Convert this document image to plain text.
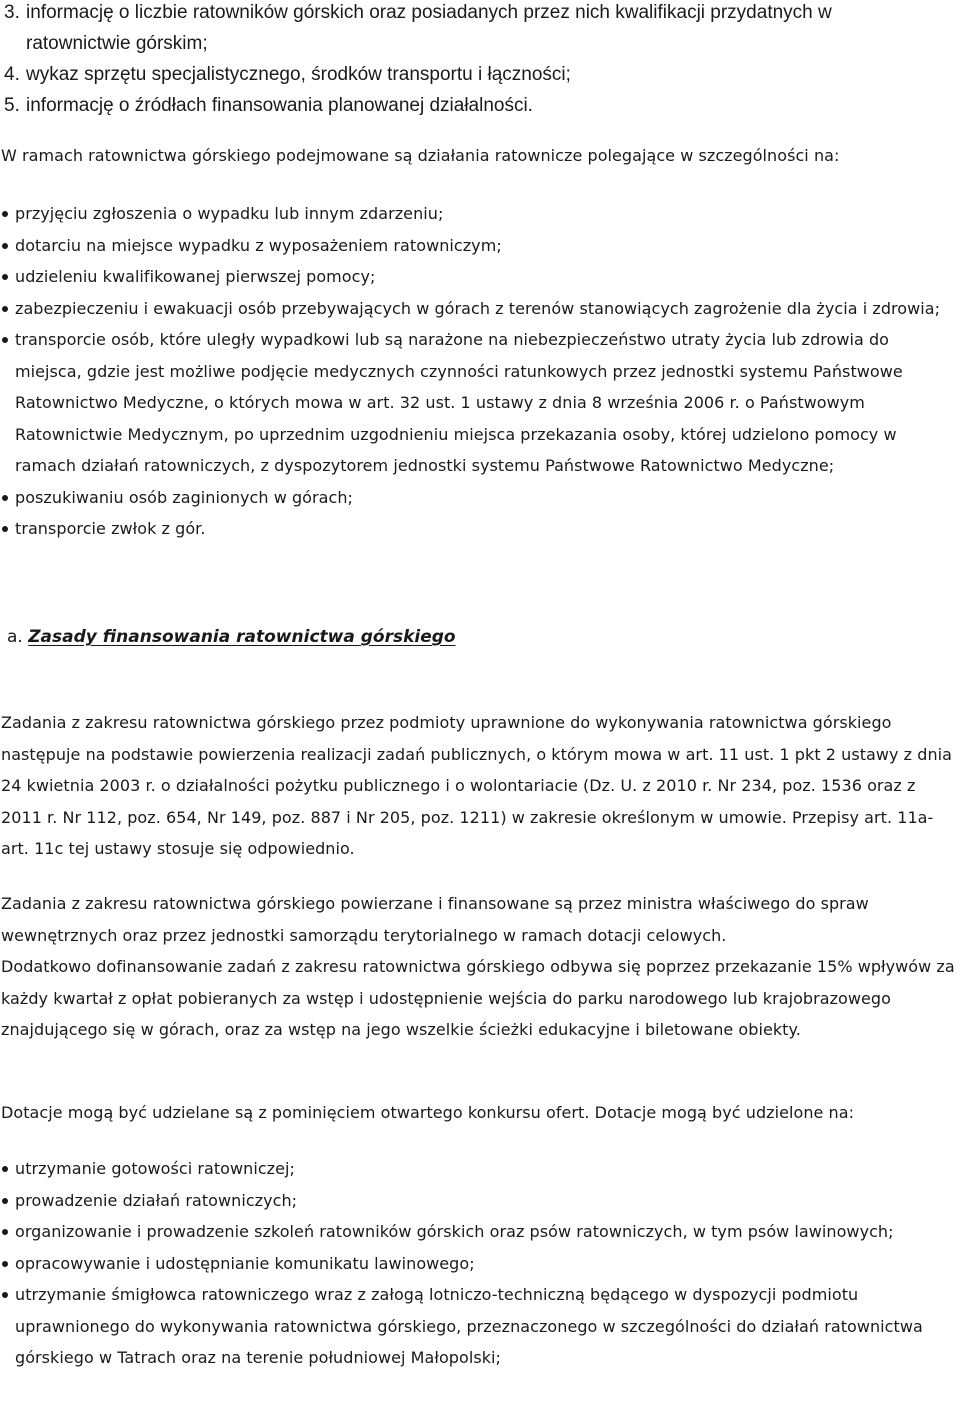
3. informację o liczbie ratowników górskich oraz posiadanych przez nich kwalifikacji przydatnych w ratownictwie górskim;
4. wykaz sprzętu specjalistycznego, środków transportu i łączności;
5. informację o źródłach finansowania planowanej działalności.

W ramach ratownictwa górskiego podejmowane są działania ratownicze polegające w szczególności na:

przyjęciu zgłoszenia o wypadku lub innym zdarzeniu;
dotarciu na miejsce wypadku z wyposażeniem ratowniczym;
udzieleniu kwalifikowanej pierwszej pomocy;
zabezpieczeniu i ewakuacji osób przebywających w górach z terenów stanowiących zagrożenie dla życia i zdrowia;
transporcie osób, które uległy wypadkowi lub są narażone na niebezpieczeństwo utraty życia lub zdrowia do miejsca, gdzie jest możliwe podjęcie medycznych czynności ratunkowych przez jednostki systemu Państwowe Ratownictwo Medyczne, o których mowa w art. 32 ust. 1 ustawy z dnia 8 września 2006 r. o Państwowym Ratownictwie Medycznym, po uprzednim uzgodnieniu miejsca przekazania osoby, której udzielono pomocy w ramach działań ratowniczych, z dyspozytorem jednostki systemu Państwowe Ratownictwo Medyczne;
poszukiwaniu osób zaginionych w górach;
transporcie zwłok z gór.
a. Zasady finansowania ratownictwa górskiego

Zadania z zakresu ratownictwa górskiego przez podmioty uprawnione do wykonywania ratownictwa górskiego następuje na podstawie powierzenia realizacji zadań publicznych, o którym mowa w art. 11 ust. 1 pkt 2 ustawy z dnia 24 kwietnia 2003 r. o działalności pożytku publicznego i o wolontariacie (Dz. U. z 2010 r. Nr 234, poz. 1536 oraz z 2011 r. Nr 112, poz. 654, Nr 149, poz. 887 i Nr 205, poz. 1211) w zakresie określonym w umowie. Przepisy art. 11a-art. 11c tej ustawy stosuje się odpowiednio.

Zadania z zakresu ratownictwa górskiego powierzane i finansowane są przez ministra właściwego do spraw wewnętrznych oraz przez jednostki samorządu terytorialnego w ramach dotacji celowych.

Dodatkowo dofinansowanie zadań z zakresu ratownictwa górskiego odbywa się poprzez przekazanie 15% wpływów za każdy kwartał z opłat pobieranych za wstęp i udostępnienie wejścia do parku narodowego lub krajobrazowego znajdującego się w górach, oraz za wstęp na jego wszelkie ścieżki edukacyjne i biletowane obiekty.

Dotacje mogą być udzielane są z pominięciem otwartego konkursu ofert. Dotacje mogą być udzielone na:

utrzymanie gotowości ratowniczej;
prowadzenie działań ratowniczych;
organizowanie i prowadzenie szkoleń ratowników górskich oraz psów ratowniczych, w tym psów lawinowych;
opracowywanie i udostępnianie komunikatu lawinowego;
utrzymanie śmigłowca ratowniczego wraz z załogą lotniczo-techniczną będącego w dyspozycji podmiotu uprawnionego do wykonywania ratownictwa górskiego, przeznaczonego w szczególności do działań ratownictwa górskiego w Tatrach oraz na terenie południowej Małopolski;
